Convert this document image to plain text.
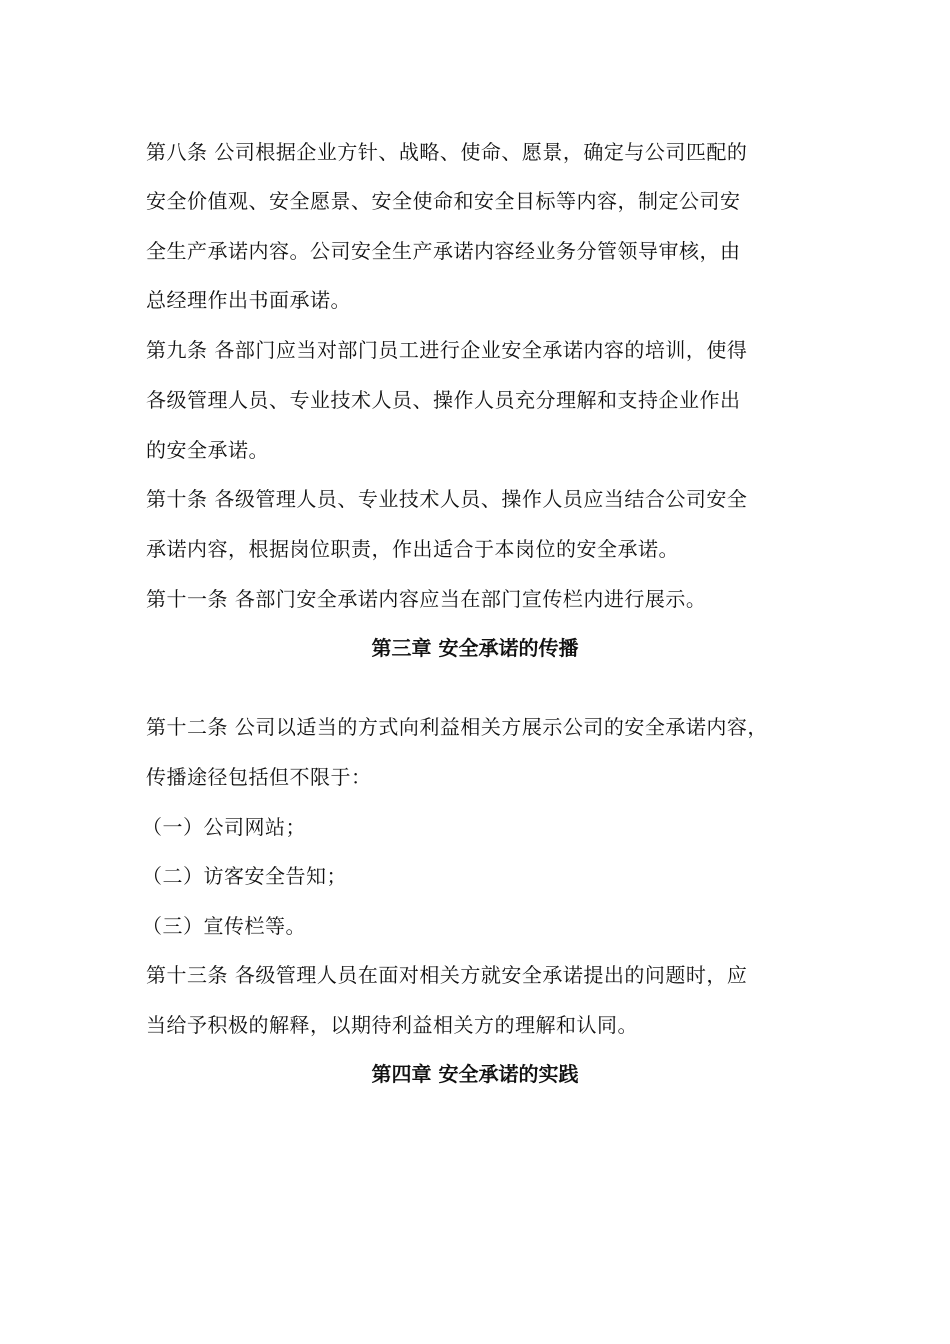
第八条 公司根据企业方针、战略、使命、愿景，确定与公司匹配的
安全价值观、安全愿景、安全使命和安全目标等内容，制定公司安
全生产承诺内容。公司安全生产承诺内容经业务分管领导审核，由
总经理作出书面承诺。
第九条 各部门应当对部门员工进行企业安全承诺内容的培训，使得
各级管理人员、专业技术人员、操作人员充分理解和支持企业作出
的安全承诺。
第十条 各级管理人员、专业技术人员、操作人员应当结合公司安全
承诺内容，根据岗位职责，作出适合于本岗位的安全承诺。
第十一条 各部门安全承诺内容应当在部门宣传栏内进行展示。
第三章 安全承诺的传播
第十二条 公司以适当的方式向利益相关方展示公司的安全承诺内容，
传播途径包括但不限于：
（一）公司网站；
（二）访客安全告知；
（三）宣传栏等。
第十三条 各级管理人员在面对相关方就安全承诺提出的问题时，应
当给予积极的解释，以期待利益相关方的理解和认同。
第四章 安全承诺的实践
